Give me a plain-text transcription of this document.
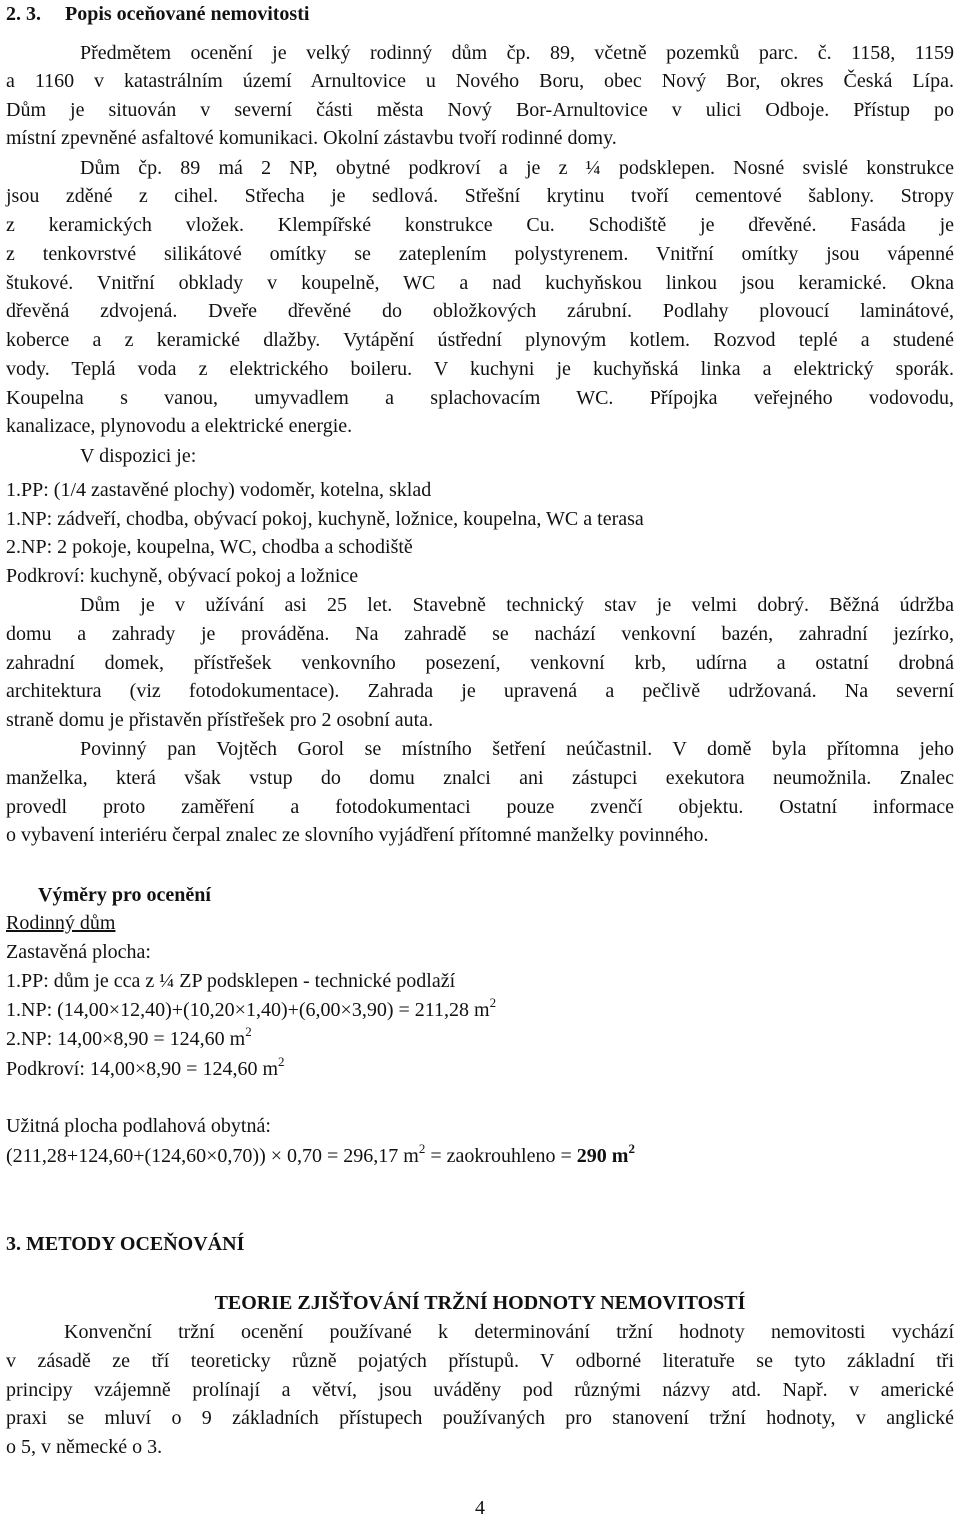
2. 3. Popis oceňované nemovitosti
Předmětem ocenění je velký rodinný dům čp. 89, včetně pozemků parc. č. 1158, 1159
a 1160 v katastrálním území Arnultovice u Nového Boru, obec Nový Bor, okres Česká Lípa.
Dům je situován v severní části města Nový Bor-Arnultovice v ulici Odboje. Přístup po
místní zpevněné asfaltové komunikaci. Okolní zástavbu tvoří rodinné domy.
Dům čp. 89 má 2 NP, obytné podkroví a je z ¼ podsklepen. Nosné svislé konstrukce
jsou zděné z cihel. Střecha je sedlová. Střešní krytinu tvoří cementové šablony. Stropy
z keramických vložek. Klempířské konstrukce Cu. Schodiště je dřevěné. Fasáda je
z tenkovrstvé silikátové omítky se zateplením polystyrenem. Vnitřní omítky jsou vápenné
štukové. Vnitřní obklady v koupelně, WC a nad kuchyňskou linkou jsou keramické. Okna
dřevěná zdvojená. Dveře dřevěné do obložkových zárubní. Podlahy plovoucí laminátové,
koberce a z keramické dlažby. Vytápění ústřední plynovým kotlem. Rozvod teplé a studené
vody. Teplá voda z elektrického boileru. V kuchyni je kuchyňská linka a elektrický sporák.
Koupelna s vanou, umyvadlem a splachovacím WC. Přípojka veřejného vodovodu,
kanalizace, plynovodu a elektrické energie.
V dispozici je:
1.PP: (1/4 zastavěné plochy) vodoměr, kotelna, sklad
1.NP: zádveří, chodba, obývací pokoj, kuchyně, ložnice, koupelna, WC a terasa
2.NP: 2 pokoje, koupelna, WC, chodba a schodiště
Podkroví: kuchyně, obývací pokoj a ložnice
Dům je v užívání asi 25 let. Stavebně technický stav je velmi dobrý. Běžná údržba
domu a zahrady je prováděna. Na zahradě se nachází venkovní bazén, zahradní jezírko,
zahradní domek, přístřešek venkovního posezení, venkovní krb, udírna a ostatní drobná
architektura (viz fotodokumentace). Zahrada je upravená a pečlivě udržovaná. Na severní
straně domu je přistavěn přístřešek pro 2 osobní auta.
Povinný pan Vojtěch Gorol se místního šetření neúčastnil. V domě byla přítomna jeho
manželka, která však vstup do domu znalci ani zástupci exekutora neumožnila. Znalec
provedl proto zaměření a fotodokumentaci pouze zvenčí objektu. Ostatní informace
o vybavení interiéru čerpal znalec ze slovního vyjádření přítomné manželky povinného.
Výměry pro ocenění
Rodinný dům
Zastavěná plocha:
1.PP: dům je cca z ¼ ZP podsklepen - technické podlaží
1.NP: (14,00×12,40)+(10,20×1,40)+(6,00×3,90) = 211,28 $m^2$
2.NP: 14,00×8,90 = 124,60 $m^2$
Podkroví: 14,00×8,90 = 124,60 $m^2$
Užitná plocha podlahová obytná:
(211,28+124,60+(124,60×0,70)) × 0,70 = 296,17 $m^2$ = zaokrouhleno = 290 $m^2$
3. METODY OCEŇOVÁNÍ
TEORIE ZJIŠŤOVÁNÍ TRŽNÍ HODNOTY NEMOVITOSTÍ
Konvenční tržní ocenění používané k determinování tržní hodnoty nemovitosti vychází
v zásadě ze tří teoreticky různě pojatých přístupů. V odborné literatuře se tyto základní tři
principy vzájemně prolínají a větví, jsou uváděny pod různými názvy atd. Např. v americké
praxi se mluví o 9 základních přístupech používaných pro stanovení tržní hodnoty, v anglické
o 5, v německé o 3.
4
